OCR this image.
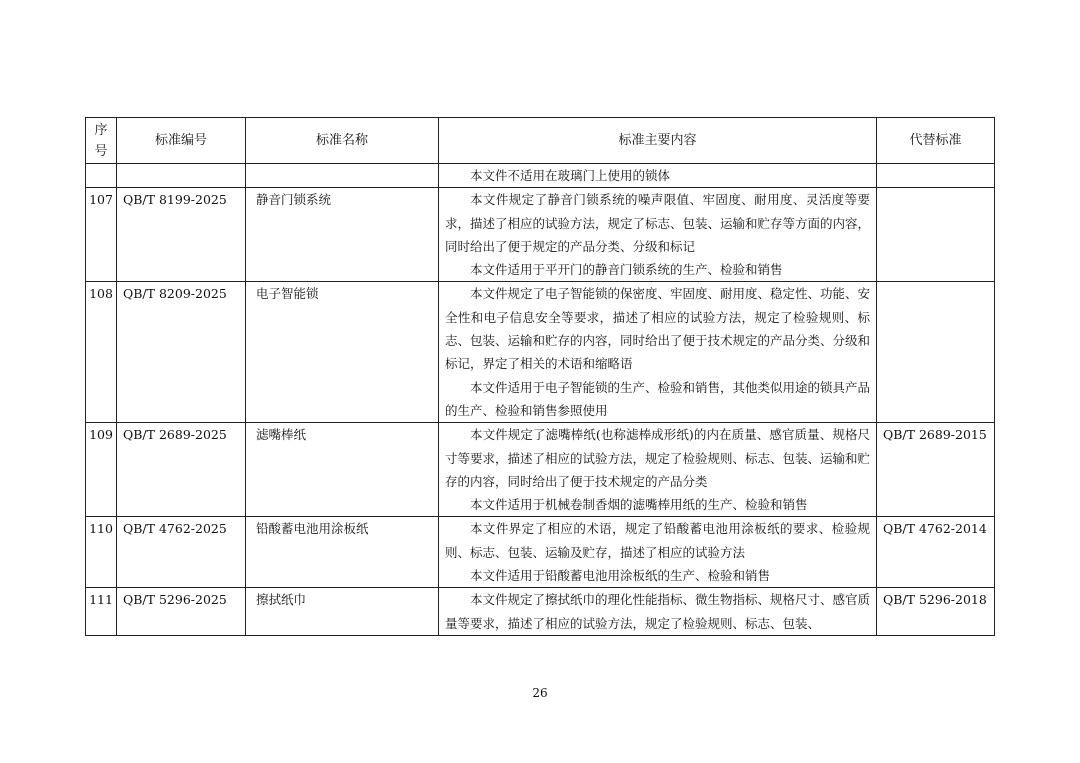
序
号	标准编号	标准名称	标准主要内容	代替标准

			本文件不适用在玻璃门上使用的锁体	

107	QB/T 8199-2025	静音门锁系统	本文件规定了静音门锁系统的噪声限值、牢固度、耐用度、灵活度等要求，描述了相应的试验方法，规定了标志、包装、运输和贮存等方面的内容，同时给出了便于规定的产品分类、分级和标记

本文件适用于平开门的静音门锁系统的生产、检验和销售	

108	QB/T 8209-2025	电子智能锁	本文件规定了电子智能锁的保密度、牢固度、耐用度、稳定性、功能、安全性和电子信息安全等要求，描述了相应的试验方法，规定了检验规则、标志、包装、运输和贮存的内容，同时给出了便于技术规定的产品分类、分级和标记，界定了相关的术语和缩略语

本文件适用于电子智能锁的生产、检验和销售，其他类似用途的锁具产品的生产、检验和销售参照使用	

109	QB/T 2689-2025	滤嘴棒纸	本文件规定了滤嘴棒纸(也称滤棒成形纸)的内在质量、感官质量、规格尺寸等要求，描述了相应的试验方法，规定了检验规则、标志、包装、运输和贮存的内容，同时给出了便于技术规定的产品分类

本文件适用于机械卷制香烟的滤嘴棒用纸的生产、检验和销售	QB/T 2689-2015
110	QB/T 4762-2025	铅酸蓄电池用涂板纸	本文件界定了相应的术语，规定了铅酸蓄电池用涂板纸的要求、检验规则、标志、包装、运输及贮存，描述了相应的试验方法

本文件适用于铅酸蓄电池用涂板纸的生产、检验和销售	QB/T 4762-2014
111	QB/T 5296-2025	擦拭纸巾	本文件规定了擦拭纸巾的理化性能指标、微生物指标、规格尺寸、感官质量等要求，描述了相应的试验方法，规定了检验规则、标志、包装、	QB/T 5296-2018
26
